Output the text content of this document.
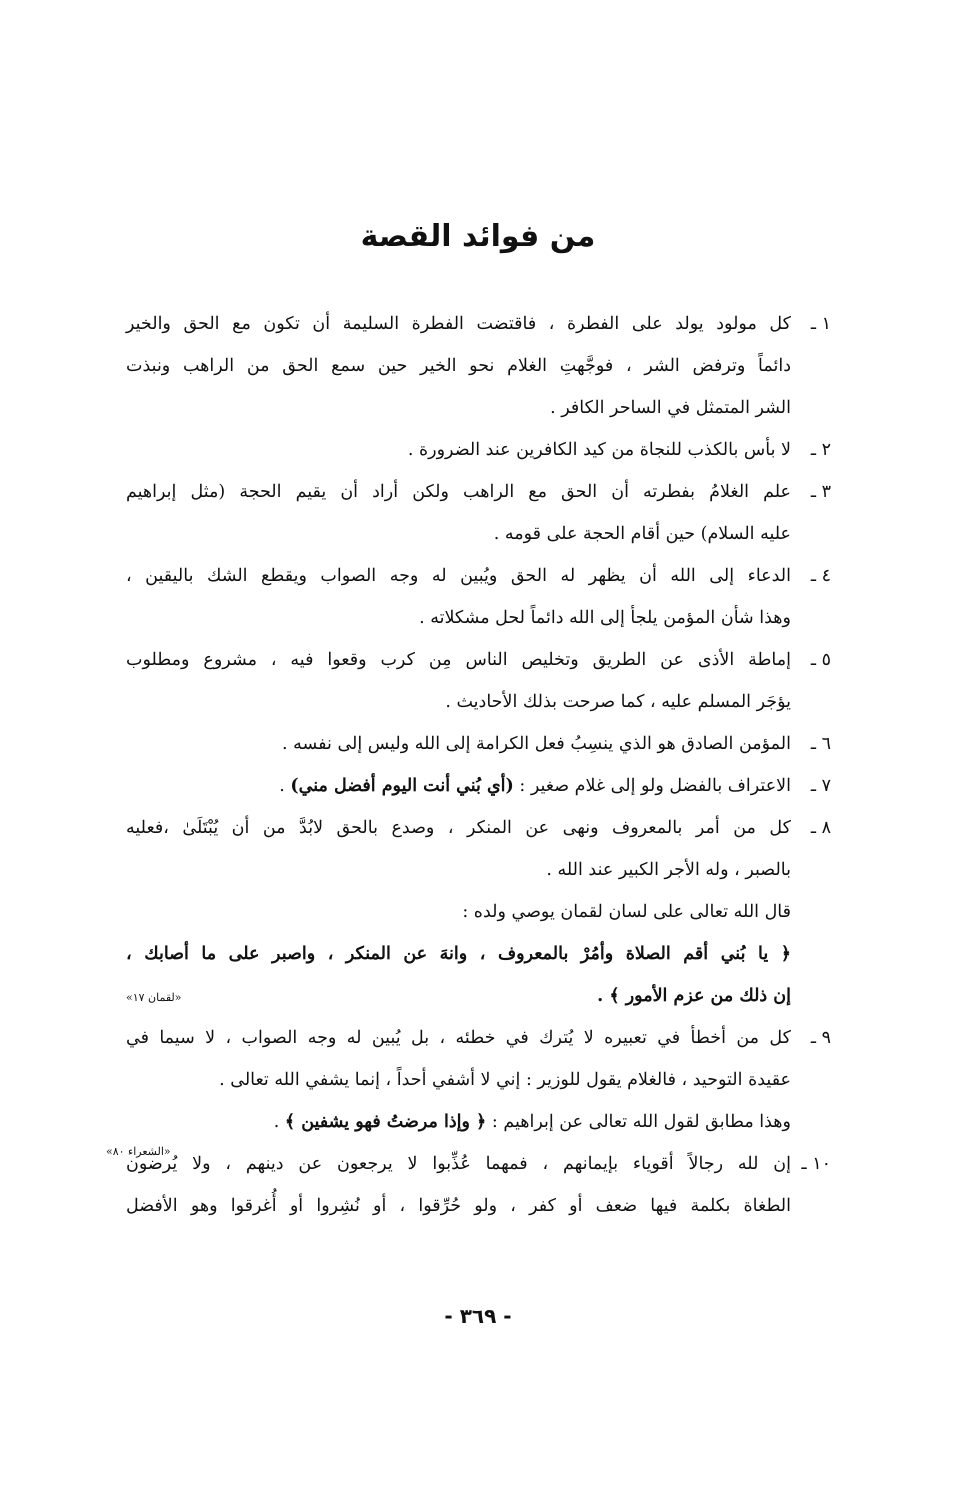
من فوائد القصة
١ ـ
كل مولود يولد على الفطرة ، فاقتضت الفطرة السليمة أن تكون مع الحق والخير
دائماً وترفض الشر ، فوجَّهتِ الغلام نحو الخير حين سمع الحق من الراهب ونبذت
الشر المتمثل في الساحر الكافر .
٢ ـ
لا بأس بالكذب للنجاة من كيد الكافرين عند الضرورة .
٣ ـ
علم الغلامُ بفطرته أن الحق مع الراهب ولكن أراد أن يقيم الحجة (مثل إبراهيم
عليه السلام) حين أقام الحجة على قومه .
٤ ـ
الدعاء إلى الله أن يظهر له الحق ويُبين له وجه الصواب ويقطع الشك باليقين ،
وهذا شأن المؤمن يلجأ إلى الله دائماً لحل مشكلاته .
٥ ـ
إماطة الأذى عن الطريق وتخليص الناس مِن كرب وقعوا فيه ، مشروع ومطلوب
يؤجَر المسلم عليه ، كما صرحت بذلك الأحاديث .
٦ ـ
المؤمن الصادق هو الذي ينسِبُ فعل الكرامة إلى الله وليس إلى نفسه .
٧ ـ
الاعتراف بالفضل ولو إلى غلام صغير : (أي بُني أنت اليوم أفضل مني) .
٨ ـ
كل من أمر بالمعروف ونهى عن المنكر ، وصدع بالحق لابُدَّ من أن يُبْتَلَىٰ ،فعليه
بالصبر ، وله الأجر الكبير عند الله .
قال الله تعالى على لسان لقمان يوصي ولده :
﴿ يا بُني أقم الصلاة وأمُرْ بالمعروف ، وانهَ عن المنكر ، واصبر على ما أصابك ،
إن ذلك من عزم الأمور ﴾ .
«لقمان ١٧»
٩ ـ
كل من أخطأ في تعبيره لا يُترك في خطئه ، بل يُبين له وجه الصواب ، لا سيما في
عقيدة التوحيد ، فالغلام يقول للوزير : إني لا أشفي أحداً ، إنما يشفي الله تعالى .
وهذا مطابق لقول الله تعالى عن إبراهيم : ﴿ وإذا مرضتُ فهو يشفين ﴾ .
«الشعراء ٨٠»
١٠ ـ
إن لله رجالاً أقوياء بإيمانهم ، فمهما عُذِّبوا لا يرجعون عن دينهم ، ولا يُرضون
الطغاة بكلمة فيها ضعف أو كفر ، ولو حُرِّقوا ، أو نُشِروا أو أُغرقوا وهو الأفضل
- ٣٦٩ -
